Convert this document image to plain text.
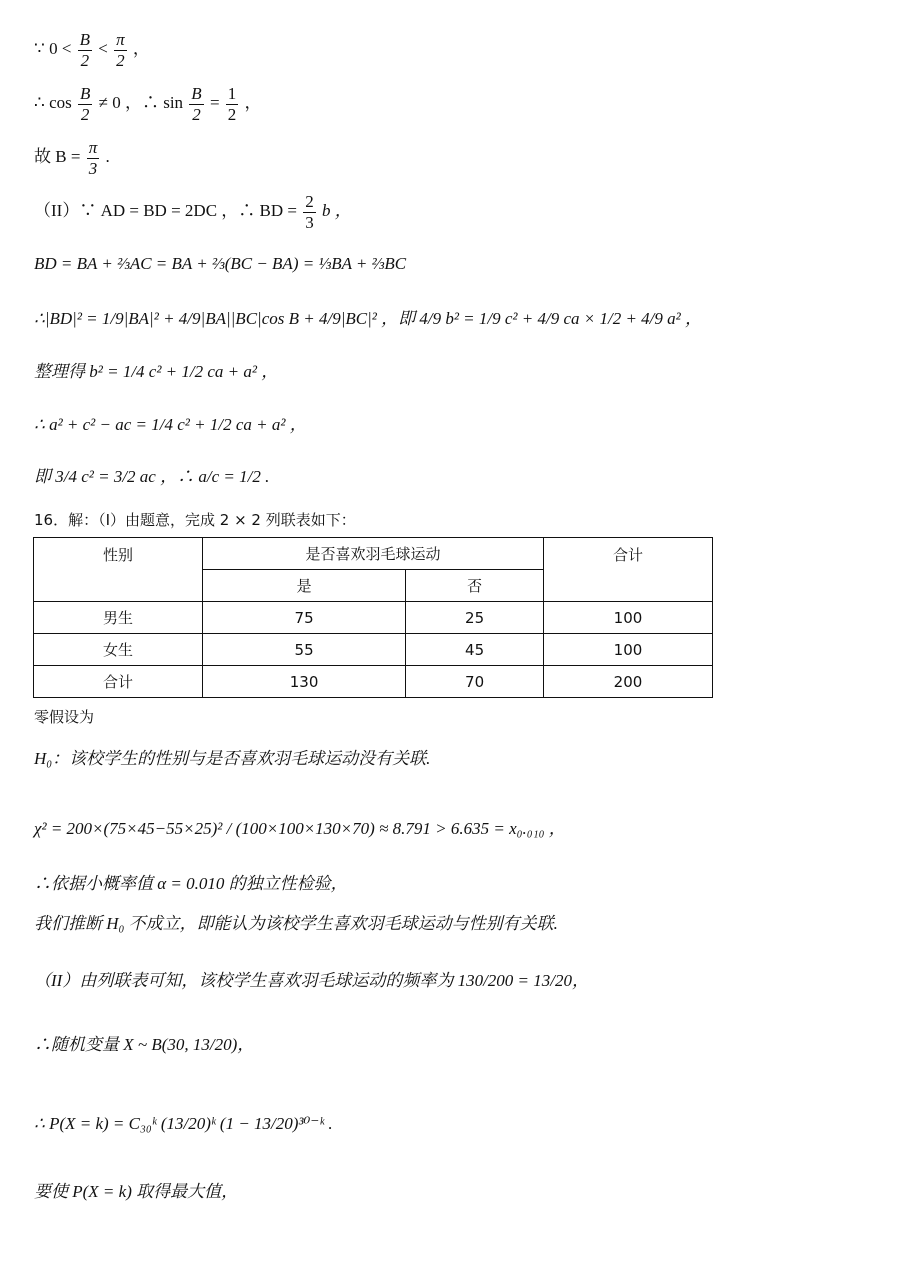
∵ $0 < \frac{B}{2} < \frac{\pi}{2}$ ，
∴ $\cos \frac{B}{2} \ne 0$ ，∴ $\sin \frac{B}{2} = \frac{1}{2}$ ，
故 $B = \frac{\pi}{3}$ .
（II）∵ AD = BD = 2DC ，∴ BD = $\frac{2}{3}$ b ，
BD = BA + ⅔AC = BA + ⅔(BC − BA) = ⅓BA + ⅔BC
∴|BD|² = 1/9|BA|² + 4/9|BA||BC|cos B + 4/9|BC|² ，即 4/9 b² = 1/9 c² + 4/9 ca × 1/2 + 4/9 a² ，
整理得 b² = 1/4 c² + 1/2 ca + a² ，
∴ a² + c² − ac = 1/4 c² + 1/2 ca + a² ，
即 3/4 c² = 3/2 ac ，∴ a/c = 1/2 .
16．解：（I）由题意，完成 2 × 2 列联表如下：
性别	是否喜欢羽毛球运动		合计
	是	否	
男生	75	25	100
女生	55	45	100
合计	130	70	200
零假设为
H₀：该校学生的性别与是否喜欢羽毛球运动没有关联.
χ² = 200×(75×45−55×25)² / (100×100×130×70) ≈ 8.791 > 6.635 = x₀.₀₁₀ ，
∴依据小概率值 α = 0.010 的独立性检验，
我们推断 H₀ 不成立，即能认为该校学生喜欢羽毛球运动与性别有关联.
（II）由列联表可知，该校学生喜欢羽毛球运动的频率为 130/200 = 13/20，
∴随机变量 X ~ B(30, 13/20)，
∴ P(X = k) = C₃₀ᵏ (13/20)ᵏ (1 − 13/20)³⁰⁻ᵏ .
要使 P(X = k) 取得最大值，
